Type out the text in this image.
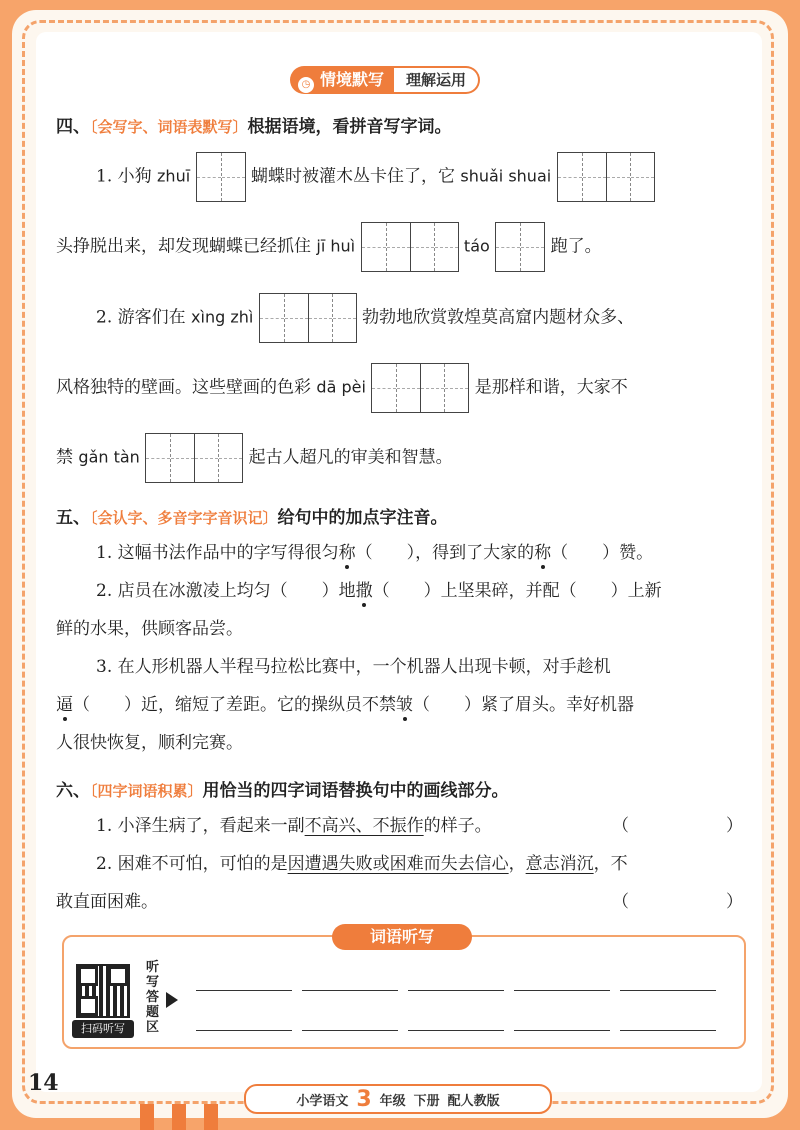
◷ 情境默写	理解运用
四、〔会写字、词语表默写〕根据语境，看拼音写字词。
1. 小狗 zhuī	蝴蝶时被灌木丛卡住了，它 shuǎi shuai
头挣脱出来，却发现蝴蝶已经抓住 jī huì	táo	跑了。
2. 游客们在 xìng zhì	勃勃地欣赏敦煌莫高窟内题材众多、
风格独特的壁画。这些壁画的色彩 dā pèi	是那样和谐，大家不
禁 gǎn tàn	起古人超凡的审美和智慧。
五、〔会认字、多音字字音识记〕给句中的加点字注音。
1. 这幅书法作品中的字写得很匀称（　　），得到了大家的称（　　）赞。
2. 店员在冰激凌上均匀（　　）地撒（　　）上坚果碎，并配（　　）上新
鲜的水果，供顾客品尝。
3. 在人形机器人半程马拉松比赛中，一个机器人出现卡顿，对手趁机
逼（　　）近，缩短了差距。它的操纵员不禁皱（　　）紧了眉头。幸好机器
人很快恢复，顺利完赛。
六、〔四字词语积累〕用恰当的四字词语替换句中的画线部分。
1. 小泽生病了，看起来一副不高兴、不振作的样子。	（	）
2. 困难不可怕，可怕的是因遭遇失败或困难而失去信心，意志消沉，不
敢直面困难。	（	）
词语听写
扫码听写
听写答题区
14
小学语文 3 年级 下册 配人教版
